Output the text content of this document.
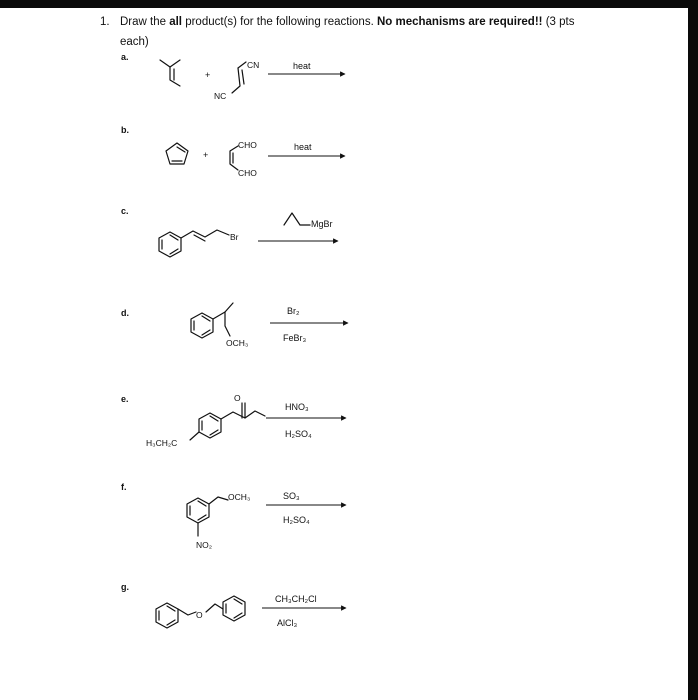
1. Draw the all product(s) for the following reactions. No mechanisms are required!! (3 pts
each)
a.
b.
c.
d.
e.
f.
g.
heat
heat
MgBr
Br₂
FeBr₃
HNO₃
H₂SO₄
SO₃
H₂SO₄
CH₃CH₂Cl
AlCl₃
+
CN
NC
+
CHO
CHO
Br
OCH₃
O
H₃CH₂C
OCH₃
NO₂
O
